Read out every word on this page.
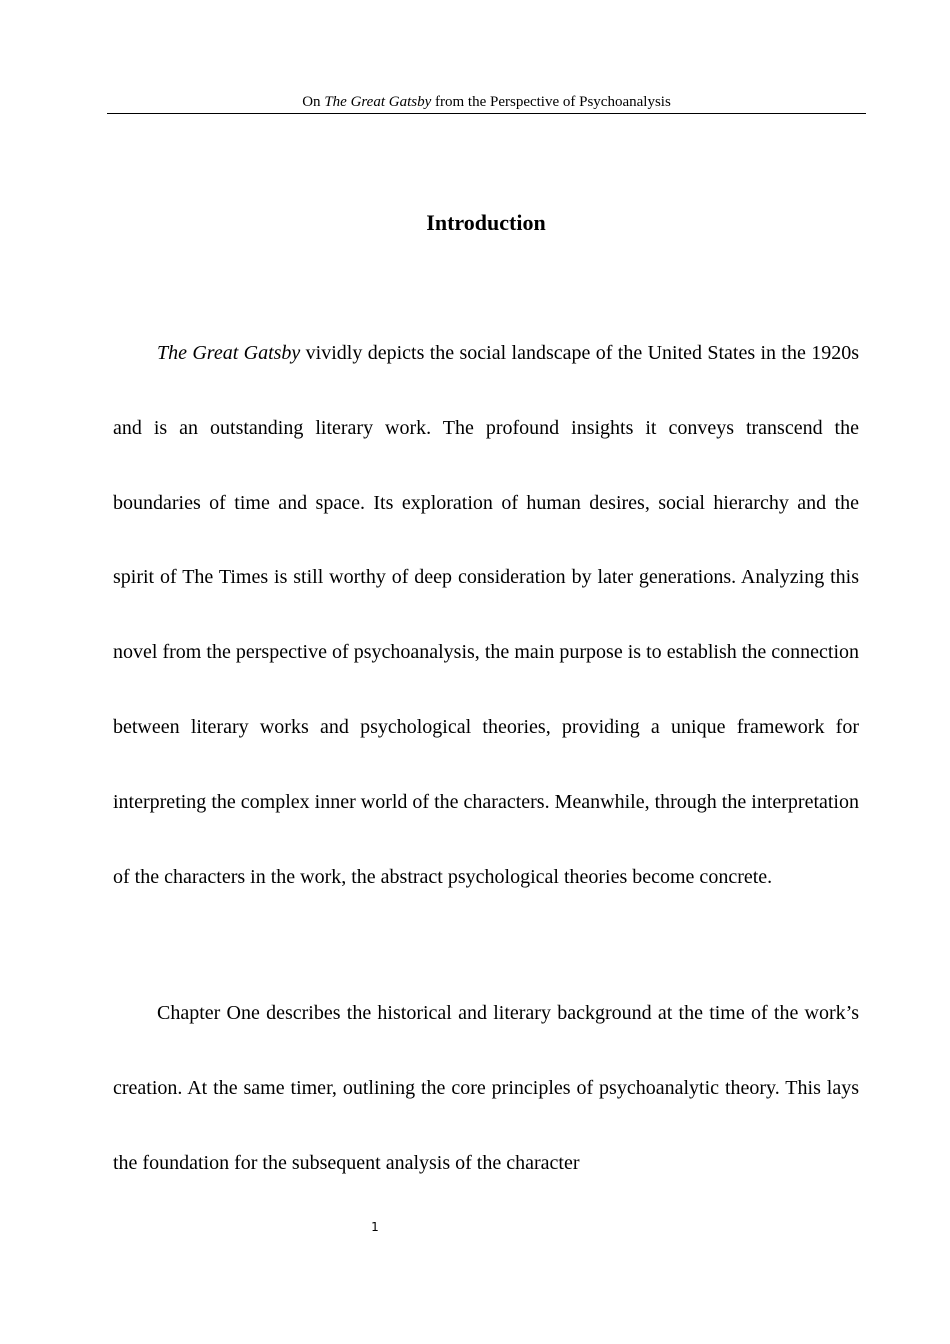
On The Great Gatsby from the Perspective of Psychoanalysis
Introduction

The Great Gatsby vividly depicts the social landscape of the United States in the 1920s and is an outstanding literary work. The profound insights it conveys transcend the boundaries of time and space. Its exploration of human desires, social hierarchy and the spirit of The Times is still worthy of deep consideration by later generations. Analyzing this novel from the perspective of psychoanalysis, the main purpose is to establish the connection between literary works and psychological theories, providing a unique framework for interpreting the complex inner world of the characters. Meanwhile, through the interpretation of the characters in the work, the abstract psychological theories become concrete.

Chapter One describes the historical and literary background at the time of the work’s creation. At the same timer, outlining the core principles of psychoanalytic theory. This lays the foundation for the subsequent analysis of the character

1
